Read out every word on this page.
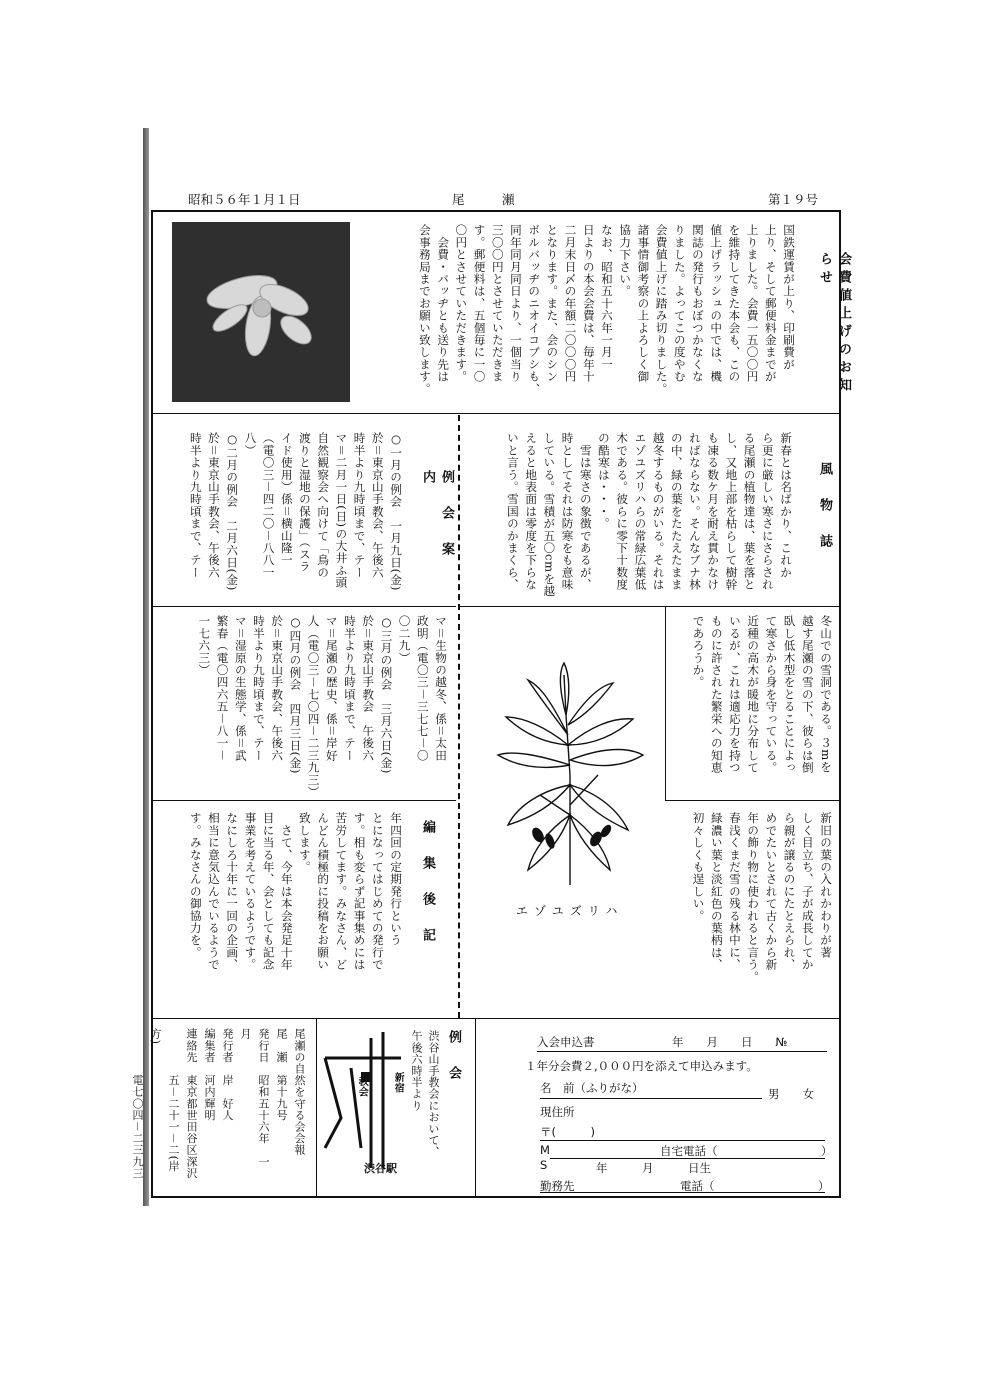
昭和５６年１月１日	尾　　　瀬	第１９号
会費値上げのお知らせ
国鉄運賃が上り、印刷費が
上り、そして郵便料金までが
上りました。会費一五〇〇円
を維持してきた本会も、この
値上げラッシュの中では、機
関誌の発行もおぼつかなくな
りました。よってこの度やむ
会費値上げに踏み切りました。
諸事情御考察の上よろしく御
協力下さい。
なお、昭和五十六年一月一
日よりの本会会費は、毎年十
二月末日〆の年額二〇〇〇円
となります。また、会のシン
ボルバッヂのニオイコブシも、
同年同月同日より、一個当り
三〇〇円とさせていただきま
す。郵便料は、五個毎に一〇
〇円とさせていただきます。
　会費・バッヂとも送り先は
会事務局までお願い致します。
風　物　誌
新春とは名ばかり、これか
ら更に厳しい寒さにさらされ
る尾瀬の植物達は、葉を落と
し、又地上部を枯らして樹幹
も凍る数ケ月を耐え貫かなけ
ればならない。そんなブナ林
の中、緑の葉をたたえたまま
越冬するものがいる。それは
エゾユズリハらの常緑広葉低
木である。彼らに零下十数度
の酷寒は・・・。
　雪は寒さの象徴であるが、
時としてそれは防寒をも意味
している。雪積が五〇cmを越
えると地表面は零度を下らな
いと言う。雪国のかまくら、
冬山での雪洞である。３mを
越す尾瀬の雪の下、彼らは倒
臥し低木型をとることによっ
て寒さから身を守っている。
近種の高木が暖地に分布して
いるが、これは適応力を持つ
ものに許された繁栄への知恵
であろうか。
新旧の葉の入れかわりが著
しく目立ち、子が成長してか
ら親が譲るのにたとえられ、
めでたいとされて古くから新
年の飾り物に使われると言う。
春浅くまだ雪の残る林中に、
緑濃い葉と淡紅色の葉柄は、
初々しくも逞しい。
エゾユズリハ
例　会　案　内
○一月の例会　一月九日(金)
於＝東京山手教会、午後六
時半より九時頃まで、テー
マ＝二月一日(日)の大井ふ頭
自然観察会へ向けて「鳥の
渡りと湿地の保護」（スラ
イド使用）係＝横山隆一
（電〇三－四二〇－八八一
八）
○二月の例会　二月六日(金)
於＝東京山手教会、午後六
時半より九時頃まで、テー
マ＝生物の越冬、係＝太田
政明（電〇三－三七七－〇
〇二九）
○三月の例会　三月六日(金)
於＝東京山手教会　午後六
時半より九時頃まで、テー
マ＝尾瀬の歴史、係＝岸好
人（電〇三－七〇四－二三九三）
○四月の例会　四月三日(金)
於＝東京山手教会、午後六
時半より九時頃まで、テー
マ＝湿原の生態学、係＝武
繁春（電〇四六五－八一－
一七六三）
編　集　後　記
年四回の定期発行という
とになってはじめての発行で
す。相も変らず記事集めには
苦労してます。みなさん、ど
んどん積極的に投稿をお願い
致します。
　さて、今年は本会発足十年
目に当る年、会としても記念
事業を考えているようです。
なにしろ十年に一回の企画、
相当に意気込んでいるようで
す。みなさんの御協力を。
尾瀬の自然を守る会会報
尾　瀬　第十九号
発行日　昭和五十六年　一　月
発行者　岸　好人
編集者　河内輝明
連絡先　東京都世田谷区深沢
　　　　五－二十一－二(岸方)
　　　　電七〇四－二三九三	例　会
渋谷山手教会において、
午後六時半より
新宿
教会
渋谷駅
入会申込書	年　　月　　日　　№
１年分会費２,０００円を添えて申込みます。
名　前（ふりがな）	男　　女
現住所
〒(　　　)
M
S
自宅電話（　　　　　　　　　）
年　　　月　　　日生
勤務先	電話（　　　　　　　　　）
